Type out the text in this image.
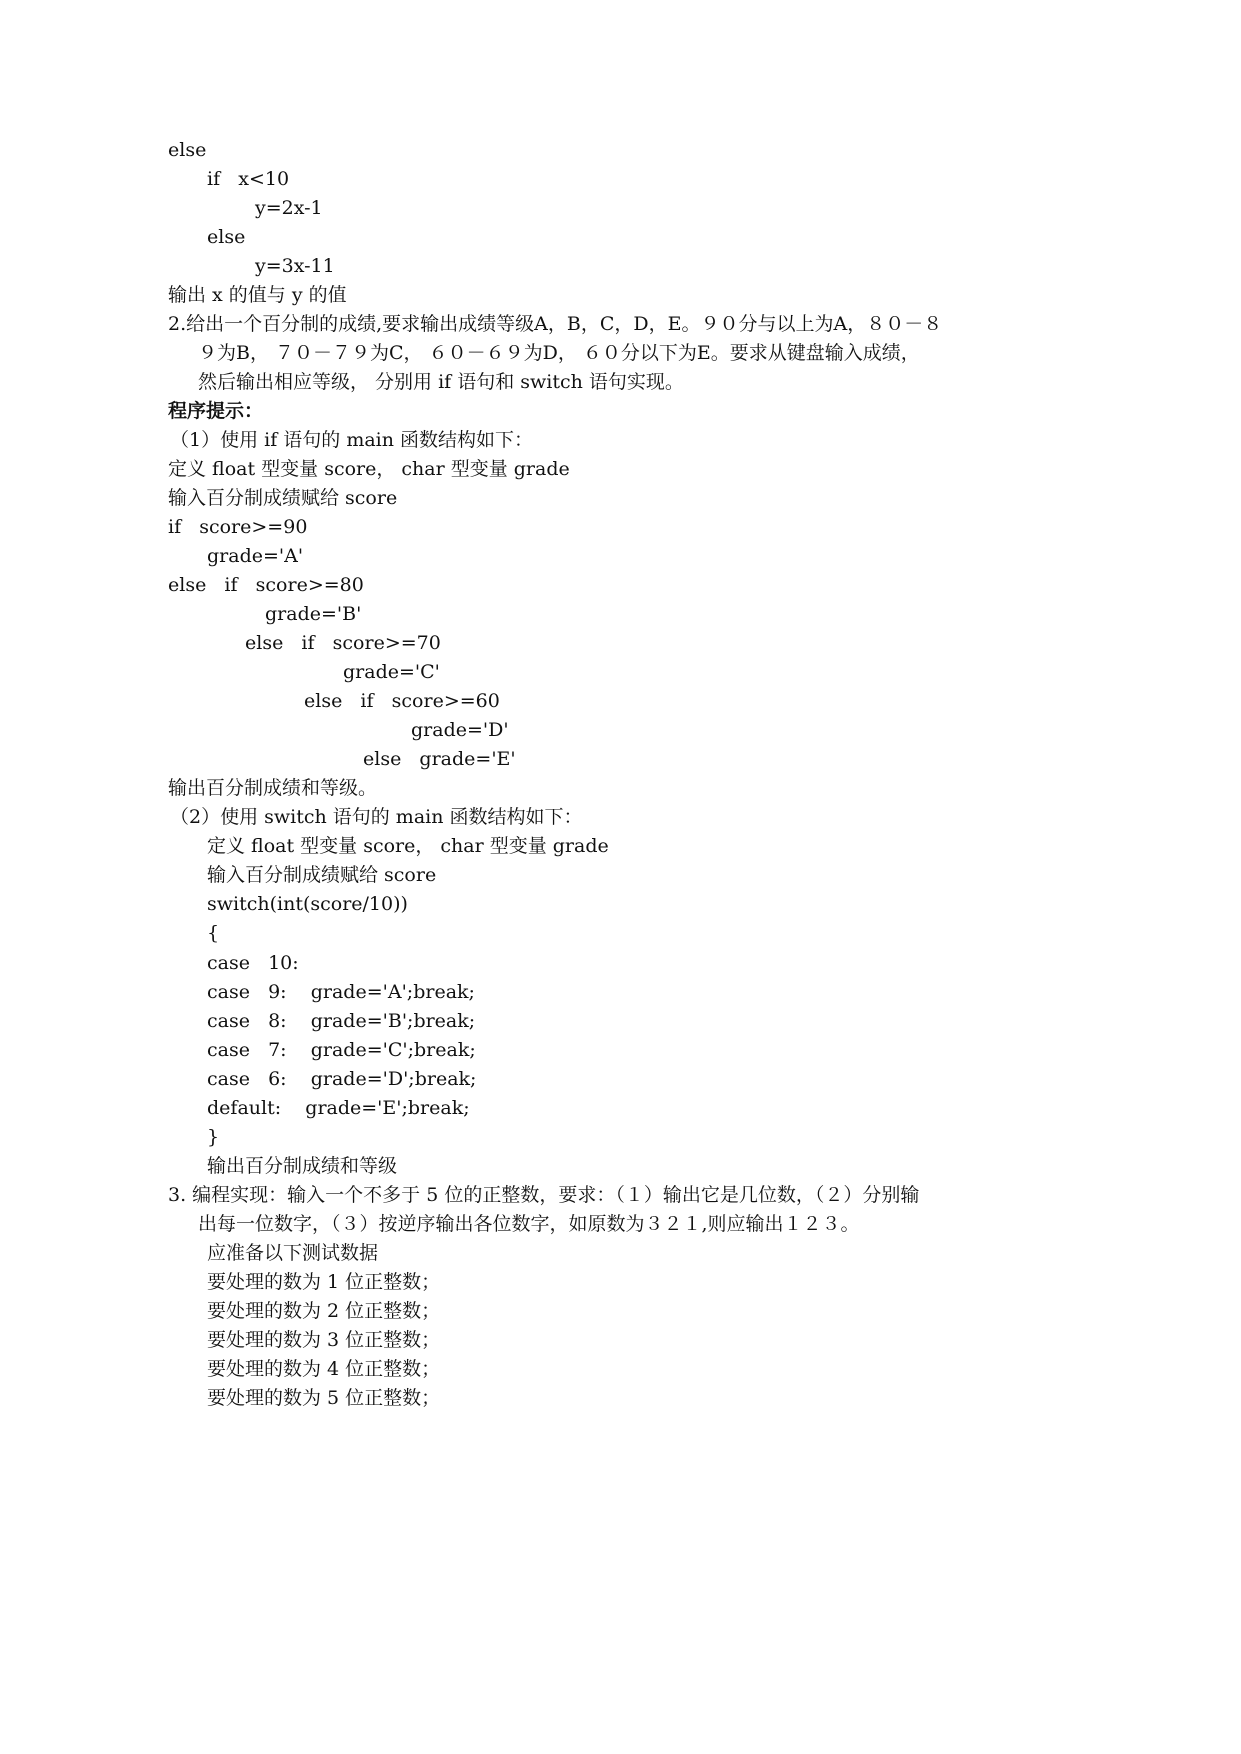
else
if   x<10
y=2x-1
else
y=3x-11
输出 x 的值与 y 的值
2.给出一个百分制的成绩,要求输出成绩等级A，B，C，D，E。９０分与以上为A，８０－８
９为B， ７０－７９为C， ６０－６９为D， ６０分以下为E。要求从键盘输入成绩，
然后输出相应等级， 分别用 if 语句和 switch 语句实现。
程序提示：
（1）使用 if 语句的 main 函数结构如下：
定义 float 型变量 score， char 型变量 grade
输入百分制成绩赋给 score
if   score>=90
grade='A'
else   if   score>=80
grade='B'
else   if   score>=70
grade='C'
else   if   score>=60
grade='D'
else   grade='E'
输出百分制成绩和等级。
（2）使用 switch 语句的 main 函数结构如下：
定义 float 型变量 score， char 型变量 grade
输入百分制成绩赋给 score
switch(int(score/10))
{
case   10:
case   9:    grade='A';break;
case   8:    grade='B';break;
case   7:    grade='C';break;
case   6:    grade='D';break;
default:    grade='E';break;
}
输出百分制成绩和等级
3. 编程实现：输入一个不多于 5 位的正整数，要求：（１）输出它是几位数，（２）分别输
出每一位数字，（３）按逆序输出各位数字，如原数为３２１,则应输出１２３。
应准备以下测试数据
要处理的数为 1 位正整数；
要处理的数为 2 位正整数；
要处理的数为 3 位正整数；
要处理的数为 4 位正整数；
要处理的数为 5 位正整数；
